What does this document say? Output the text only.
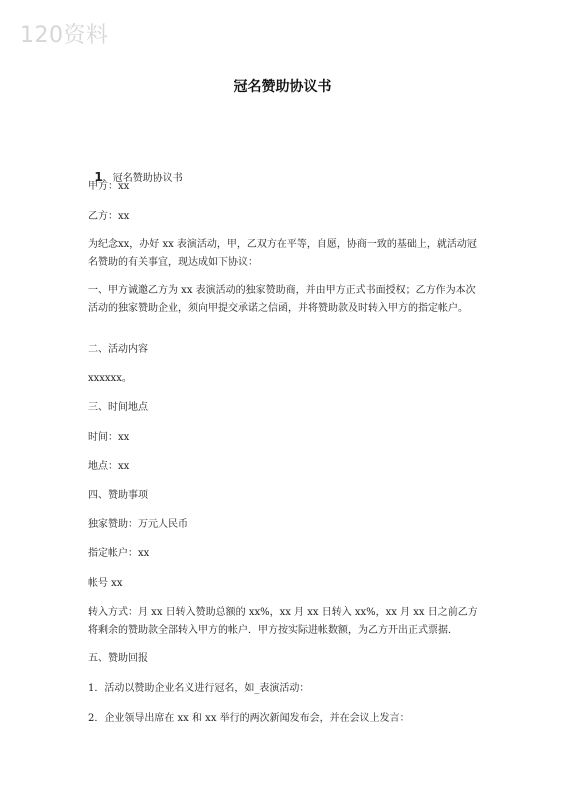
120资料
冠名赞助协议书

1、冠名赞助协议书

甲方：xx
乙方：xx
为纪念xx，办好 xx 表演活动，甲，乙双方在平等，自愿，协商一致的基础上，就活动冠名赞助的有关事宜，现达成如下协议：
一、甲方诚邀乙方为 xx 表演活动的独家赞助商，并由甲方正式书面授权；乙方作为本次活动的独家赞助企业，须向甲提交承诺之信函，并将赞助款及时转入甲方的指定帐户。
二、活动内容
xxxxxx。
三、时间地点
时间：xx
地点：xx
四、赞助事项
独家赞助：万元人民币
指定帐户：xx
帐号 xx
转入方式：月 xx 日转入赞助总额的 xx%，xx 月 xx 日转入 xx%，xx 月 xx 日之前乙方将剩余的赞助款全部转入甲方的帐户．甲方按实际进帐数额，为乙方开出正式票据．
五、赞助回报
1．活动以赞助企业名义进行冠名，如_表演活动：
2．企业领导出席在 xx 和 xx 举行的两次新闻发布会，并在会议上发言：
